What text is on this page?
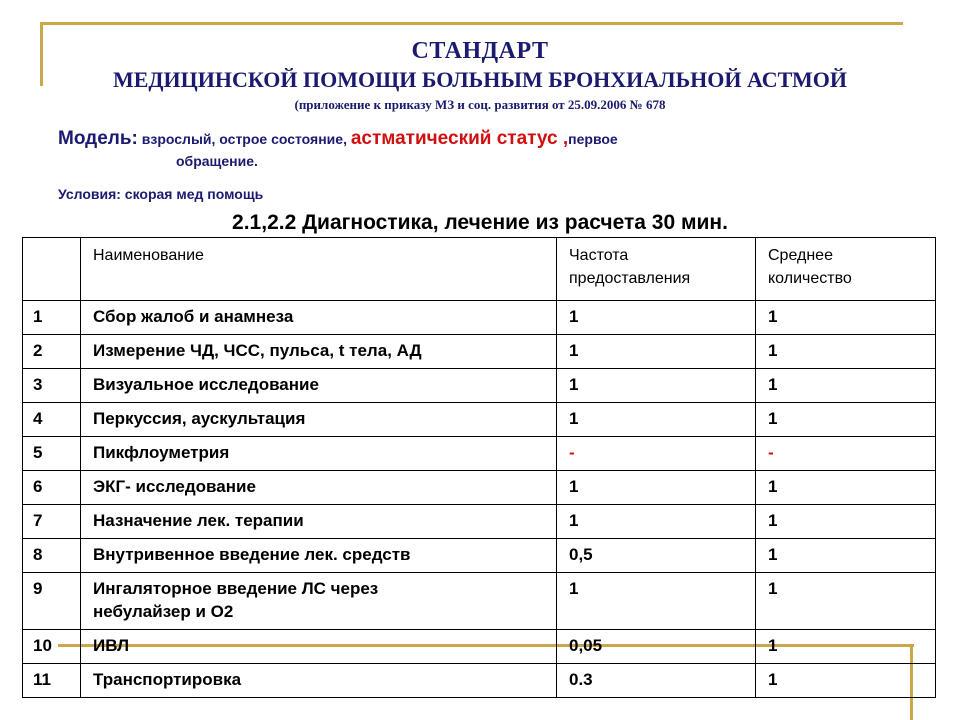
СТАНДАРТ
МЕДИЦИНСКОЙ ПОМОЩИ БОЛЬНЫМ БРОНХИАЛЬНОЙ АСТМОЙ
(приложение к приказу МЗ и соц. развития от 25.09.2006 № 678
Модель: взрослый, острое состояние, астматический статус ,первое
обращение.
Условия: скорая мед помощь
2.1,2.2 Диагностика, лечение из расчета 30 мин.
	Наименование	Частота
предоставления	Среднее
количество
1	Сбор жалоб и анамнеза	1	1
2	Измерение ЧД, ЧСС, пульса, t тела, АД	1	1
3	Визуальное исследование	1	1
4	Перкуссия, аускультация	1	1
5	Пикфлоуметрия	-	-
6	ЭКГ- исследование	1	1
7	Назначение лек. терапии	1	1
8	Внутривенное введение лек. средств	0,5	1
9	Ингаляторное введение ЛС через
небулайзер и О2	1	1
10	ИВЛ	0,05	1
11	Транспортировка	0.3	1
